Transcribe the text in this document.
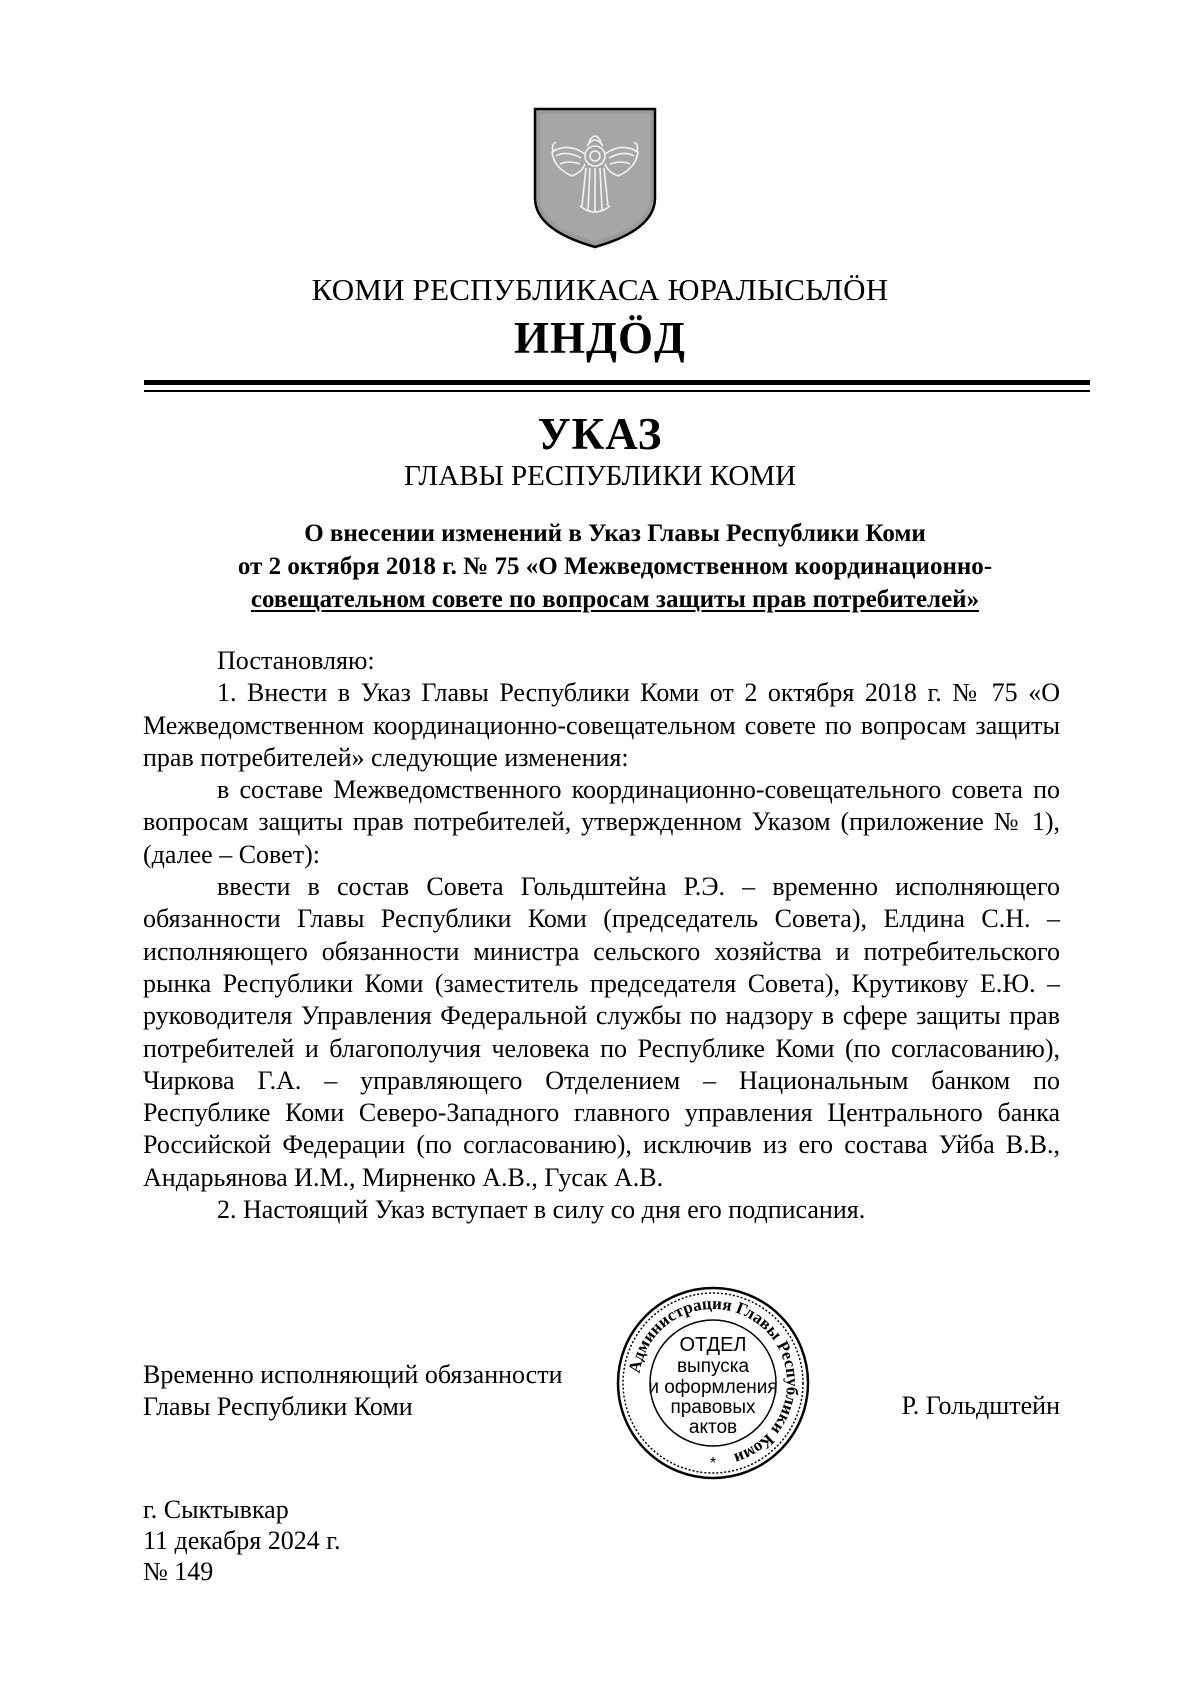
КОМИ РЕСПУБЛИКАСА ЮРАЛЫСЬЛÖН
ИНДÖД
УКАЗ
ГЛАВЫ РЕСПУБЛИКИ КОМИ
О внесении изменений в Указ Главы Республики Коми
от 2 октября 2018 г. № 75 «О Межведомственном координационно-
совещательном совете по вопросам защиты прав потребителей»

Постановляю:

1. Внести в Указ Главы Республики Коми от 2 октября 2018 г. № 75 «О Межведомственном координационно-совещательном совете по вопросам защиты прав потребителей» следующие изменения:

в составе Межведомственного координационно-совещательного совета по вопросам защиты прав потребителей, утвержденном Указом (приложение № 1), (далее – Совет):

ввести в состав Совета Гольдштейна Р.Э. – временно исполняющего обязанности Главы Республики Коми (председатель Совета), Елдина С.Н. – исполняющего обязанности министра сельского хозяйства и потребительского рынка Республики Коми (заместитель председателя Совета), Крутикову Е.Ю. – руководителя Управления Федеральной службы по надзору в сфере защиты прав потребителей и благополучия человека по Республике Коми (по согласованию), Чиркова Г.А. – управляющего Отделением – Национальным банком по Республике Коми Северо-Западного главного управления Центрального банка Российской Федерации (по согласованию), исключив из его состава Уйба В.В., Андарьянова И.М., Мирненко А.В., Гусак А.В.

2. Настоящий Указ вступает в силу со дня его подписания.

Временно исполняющий обязанности
Главы Республики Коми	Р. Гольдштейн
Администрация Главы Республики Коми
ОТДЕЛ
выпуска
и оформления
правовых
актов
*
г. Сыктывкар
11 декабря 2024 г.
№ 149
